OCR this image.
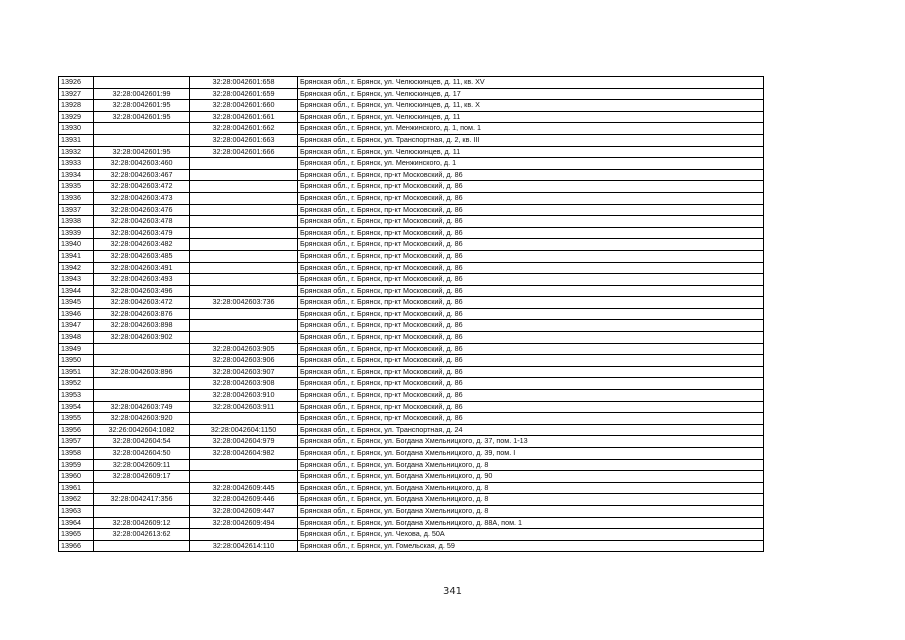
13926		32:28:0042601:658	Брянская обл., г. Брянск, ул. Челюскинцев, д. 11, кв. XV
13927	32:28:0042601:99	32:28:0042601:659	Брянская обл., г. Брянск, ул. Челюскинцев, д. 17
13928	32:28:0042601:95	32:28:0042601:660	Брянская обл., г. Брянск, ул. Челюскинцев, д. 11, кв. X
13929	32:28:0042601:95	32:28:0042601:661	Брянская обл., г. Брянск, ул. Челюскинцев, д. 11
13930		32:28:0042601:662	Брянская обл., г. Брянск, ул. Менжинского, д. 1, пом. 1
13931		32:28:0042601:663	Брянская обл., г. Брянск, ул. Транспортная, д. 2, кв. III
13932	32:28:0042601:95	32:28:0042601:666	Брянская обл., г. Брянск, ул. Челюскинцев, д. 11
13933	32:28:0042603:460		Брянская обл., г. Брянск, ул. Менжинского, д. 1
13934	32:28:0042603:467		Брянская обл., г. Брянск, пр-кт Московский, д. 86
13935	32:28:0042603:472		Брянская обл., г. Брянск, пр-кт Московский, д. 86
13936	32:28:0042603:473		Брянская обл., г. Брянск, пр-кт Московский, д. 86
13937	32:28:0042603:476		Брянская обл., г. Брянск, пр-кт Московский, д. 86
13938	32:28:0042603:478		Брянская обл., г. Брянск, пр-кт Московский, д. 86
13939	32:28:0042603:479		Брянская обл., г. Брянск, пр-кт Московский, д. 86
13940	32:28:0042603:482		Брянская обл., г. Брянск, пр-кт Московский, д. 86
13941	32:28:0042603:485		Брянская обл., г. Брянск, пр-кт Московский, д. 86
13942	32:28:0042603:491		Брянская обл., г. Брянск, пр-кт Московский, д. 86
13943	32:28:0042603:493		Брянская обл., г. Брянск, пр-кт Московский, д. 86
13944	32:28:0042603:496		Брянская обл., г. Брянск, пр-кт Московский, д. 86
13945	32:28:0042603:472	32:28:0042603:736	Брянская обл., г. Брянск, пр-кт Московский, д. 86
13946	32:28:0042603:876		Брянская обл., г. Брянск, пр-кт Московский, д. 86
13947	32:28:0042603:898		Брянская обл., г. Брянск, пр-кт Московский, д. 86
13948	32:28:0042603:902		Брянская обл., г. Брянск, пр-кт Московский, д. 86
13949		32:28:0042603:905	Брянская обл., г. Брянск, пр-кт Московский, д. 86
13950		32:28:0042603:906	Брянская обл., г. Брянск, пр-кт Московский, д. 86
13951	32:28:0042603:896	32:28:0042603:907	Брянская обл., г. Брянск, пр-кт Московский, д. 86
13952		32:28:0042603:908	Брянская обл., г. Брянск, пр-кт Московский, д. 86
13953		32:28:0042603:910	Брянская обл., г. Брянск, пр-кт Московский, д. 86
13954	32:28:0042603:749	32:28:0042603:911	Брянская обл., г. Брянск, пр-кт Московский, д. 86
13955	32:28:0042603:920		Брянская обл., г. Брянск, пр-кт Московский, д. 86
13956	32:26:0042604:1082	32:28:0042604:1150	Брянская обл., г. Брянск, ул. Транспортная, д. 24
13957	32:28:0042604:54	32:28:0042604:979	Брянская обл., г. Брянск, ул. Богдана Хмельницкого, д. 37, пом. 1-13
13958	32:28:0042604:50	32:28:0042604:982	Брянская обл., г. Брянск, ул. Богдана Хмельницкого, д. 39, пом. I
13959	32:28:0042609:11		Брянская обл., г. Брянск, ул. Богдана Хмельницкого, д. 8
13960	32:28:0042609:17		Брянская обл., г. Брянск, ул. Богдана Хмельницкого, д. 90
13961		32:28:0042609:445	Брянская обл., г. Брянск, ул. Богдана Хмельницкого, д. 8
13962	32:28:0042417:356	32:28:0042609:446	Брянская обл., г. Брянск, ул. Богдана Хмельницкого, д. 8
13963		32:28:0042609:447	Брянская обл., г. Брянск, ул. Богдана Хмельницкого, д. 8
13964	32:28:0042609:12	32:28:0042609:494	Брянская обл., г. Брянск, ул. Богдана Хмельницкого, д. 88А, пом. 1
13965	32:28:0042613:62		Брянская обл., г. Брянск, ул. Чехова, д. 50А
13966		32:28:0042614:110	Брянская обл., г. Брянск, ул. Гомельская, д. 59
341
